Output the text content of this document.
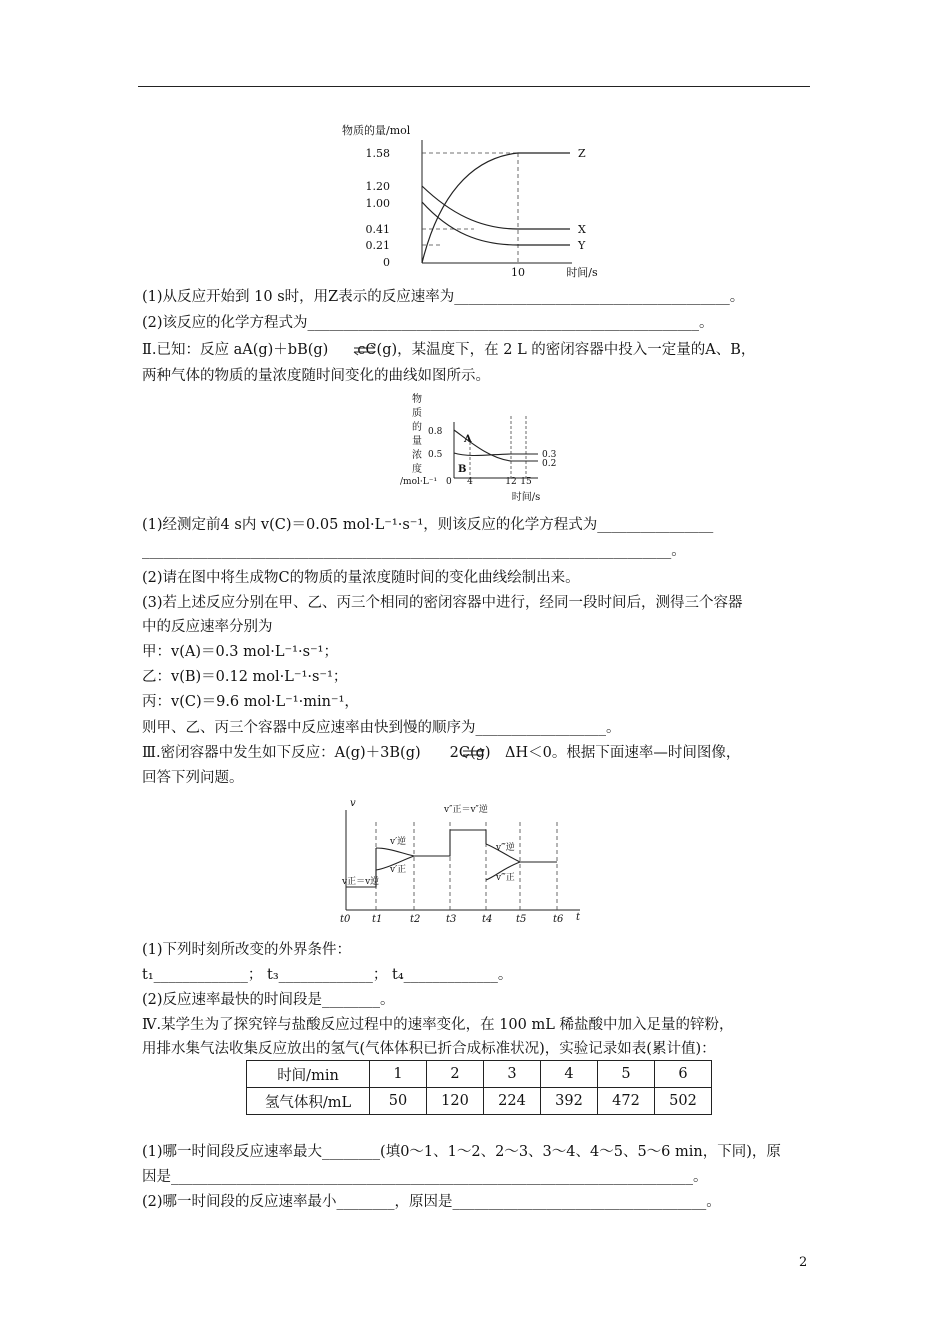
物质的量/mol
1.58
1.20
1.00
0.41
0.21
0
Z
X
Y
10	时间/s
(1)从反应开始到 10 s时，用Z表示的反应速率为______________________________________。
(2)该反应的化学方程式为______________________________________________________。
Ⅱ.已知：反应 aA(g)＋bB(g)　　cC(g)，某温度下，在 2 L 的密闭容器中投入一定量的A、B，
两种气体的物质的量浓度随时间变化的曲线如图所示。
物
质
的
量
浓
度
/mol·L⁻¹ 0
0.8
0.5
A
B
0.3
0.2
4	12 15
时间/s
(1)经测定前4 s内 v(C)＝0.05 mol·L⁻¹·s⁻¹，则该反应的化学方程式为________________
_________________________________________________________________________。
(2)请在图中将生成物C的物质的量浓度随时间的变化曲线绘制出来。
(3)若上述反应分别在甲、乙、丙三个相同的密闭容器中进行，经同一段时间后，测得三个容器
中的反应速率分别为
甲：v(A)＝0.3 mol·L⁻¹·s⁻¹；
乙：v(B)＝0.12 mol·L⁻¹·s⁻¹；
丙：v(C)＝9.6 mol·L⁻¹·min⁻¹，
则甲、乙、丙三个容器中反应速率由快到慢的顺序为__________________。
Ⅲ.密闭容器中发生如下反应：A(g)＋3B(g)　　2C(g)　ΔH＜0。根据下面速率—时间图像，
回答下列问题。
v
t
t0 t1	t2	t3	t4 t5	t6
v正＝v逆
v′逆
v′正
v″正＝v″逆
v‴逆
v‴正
(1)下列时刻所改变的外界条件：
t₁_____________； t₃_____________； t₄_____________。
(2)反应速率最快的时间段是________。
Ⅳ.某学生为了探究锌与盐酸反应过程中的速率变化，在 100 mL 稀盐酸中加入足量的锌粉，
用排水集气法收集反应放出的氢气(气体体积已折合成标准状况)，实验记录如表(累计值)：
时间/min	1	2	3	4	5	6
氢气体积/mL	50	120	224	392	472	502
(1)哪一时间段反应速率最大________(填0～1、1～2、2～3、3～4、4～5、5～6 min，下同)，原
因是________________________________________________________________________。
(2)哪一时间段的反应速率最小________，原因是___________________________________。
2
